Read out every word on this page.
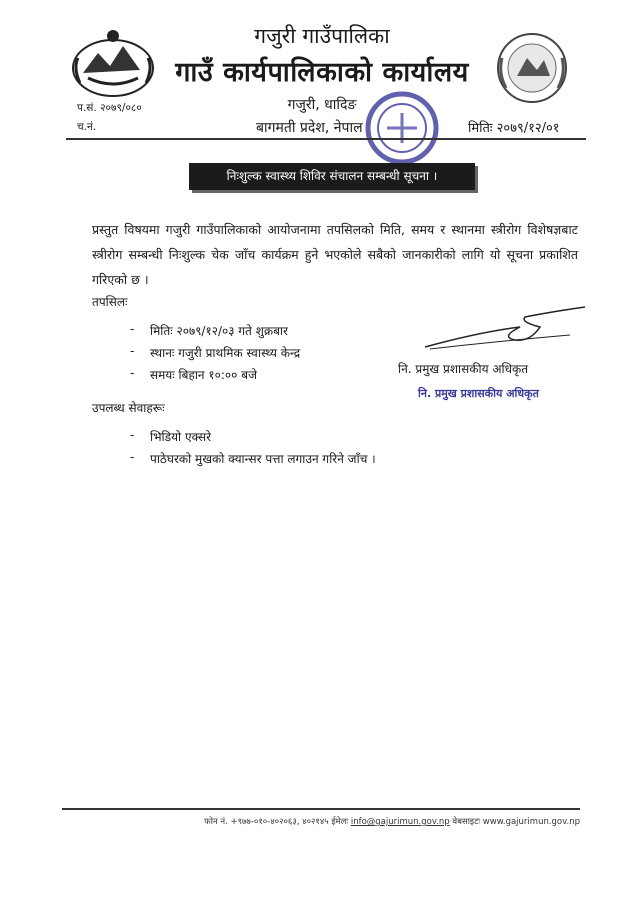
गजुरी गाउँपालिका
गाउँ कार्यपालिकाको कार्यालय
गजुरी, धादिङ
बागमती प्रदेश, नेपाल
प.सं. २०७९/०८०
च.नं.	मितिः २०७९/१२/०१
निःशुल्क स्वास्थ्य शिविर संचालन सम्बन्धी सूचना ।
प्रस्तुत विषयमा गजुरी गाउँपालिकाको आयोजनामा तपसिलको मिति, समय र स्थानमा स्त्रीरोग विशेषज्ञबाट स्त्रीरोग सम्बन्धी निःशुल्क चेक जाँच कार्यक्रम हुने भएकोले सबैको जानकारीको लागि यो सूचना प्रकाशित गरिएको छ ।
तपसिलः
- मितिः २०७९/१२/०३ गते शुक्रबार
- स्थानः गजुरी प्राथमिक स्वास्थ्य केन्द्र
- समयः बिहान १०:०० बजे	नि. प्रमुख प्रशासकीय अधिकृत
नि. प्रमुख प्रशासकीय अधिकृत
उपलब्ध सेवाहरूः
- भिडियो एक्सरे
- पाठेघरको मुखको क्यान्सर पत्ता लगाउन गरिने जाँच ।
फोन नं. +९७७-०१०-४०२०६३, ४०२१४५ ईमेलः info@gajurimun.gov.np वेबसाइटः www.gajurimun.gov.np
